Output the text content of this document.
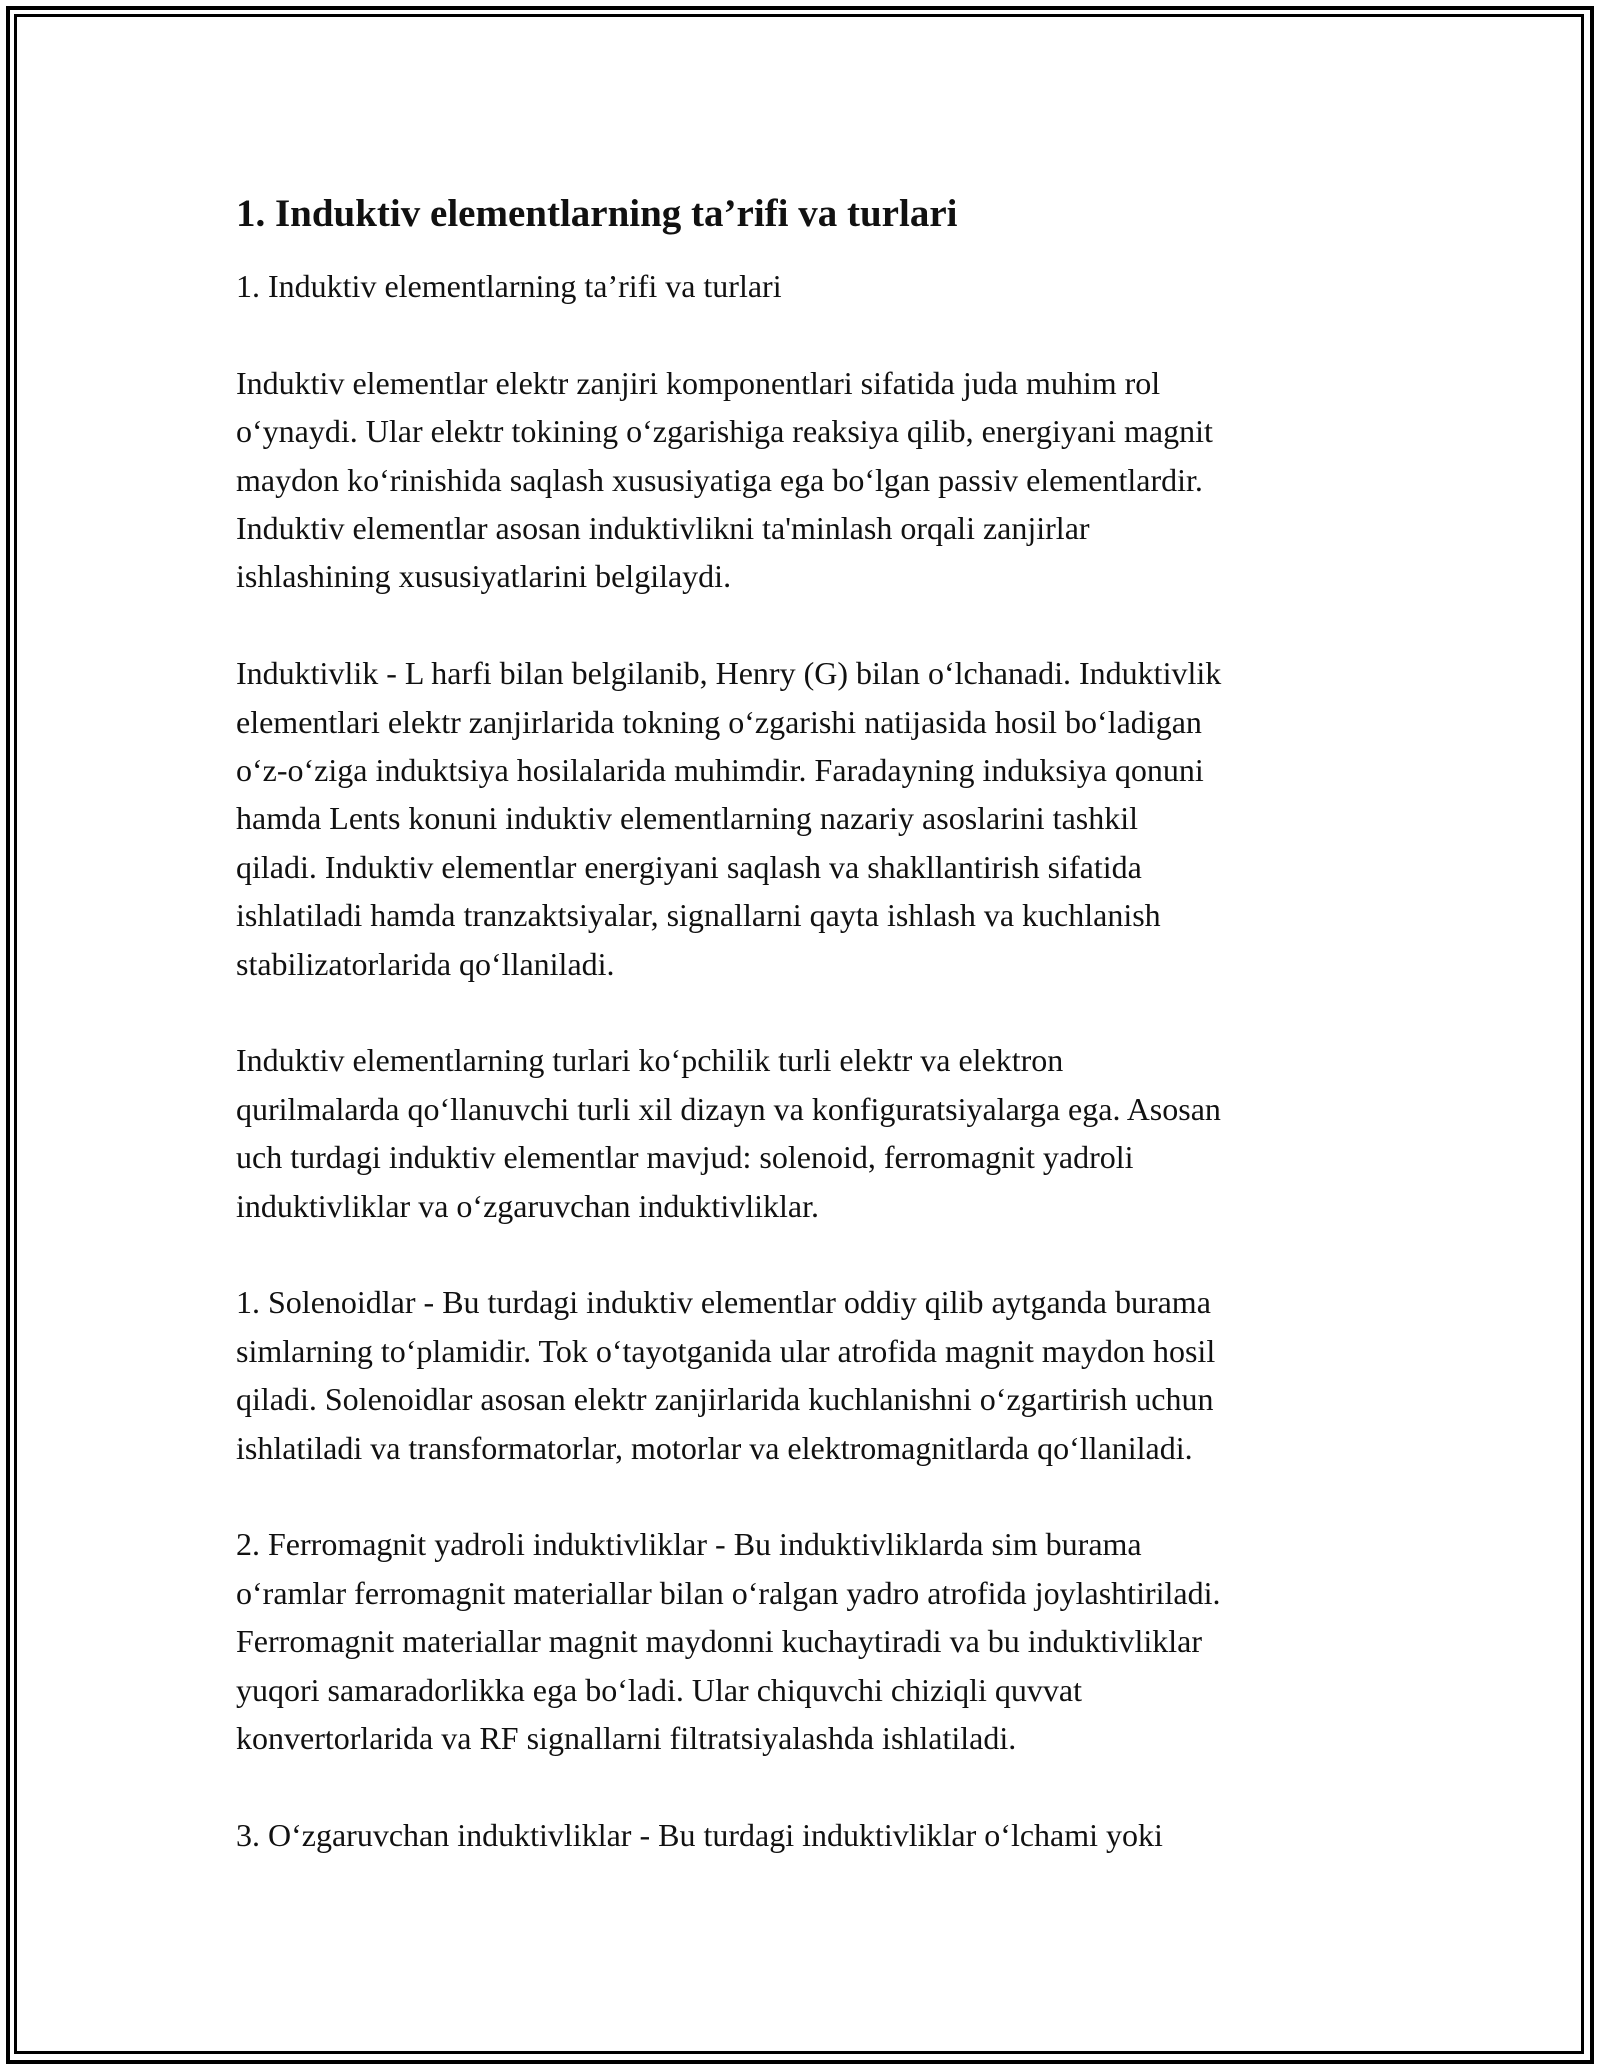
1. Induktiv elementlarning ta’rifi va turlari
1. Induktiv elementlarning ta’rifi va turlari
Induktiv elementlar elektr zanjiri komponentlari sifatida juda muhim rol
o‘ynaydi. Ular elektr tokining o‘zgarishiga reaksiya qilib, energiyani magnit
maydon ko‘rinishida saqlash xususiyatiga ega bo‘lgan passiv elementlardir.
Induktiv elementlar asosan induktivlikni ta'minlash orqali zanjirlar
ishlashining xususiyatlarini belgilaydi.
Induktivlik - L harfi bilan belgilanib, Henry (G) bilan o‘lchanadi. Induktivlik
elementlari elektr zanjirlarida tokning o‘zgarishi natijasida hosil bo‘ladigan
o‘z-o‘ziga induktsiya hosilalarida muhimdir. Faradayning induksiya qonuni
hamda Lents konuni induktiv elementlarning nazariy asoslarini tashkil
qiladi. Induktiv elementlar energiyani saqlash va shakllantirish sifatida
ishlatiladi hamda tranzaktsiyalar, signallarni qayta ishlash va kuchlanish
stabilizatorlarida qo‘llaniladi.
Induktiv elementlarning turlari ko‘pchilik turli elektr va elektron
qurilmalarda qo‘llanuvchi turli xil dizayn va konfiguratsiyalarga ega. Asosan
uch turdagi induktiv elementlar mavjud: solenoid, ferromagnit yadroli
induktivliklar va o‘zgaruvchan induktivliklar.
1. Solenoidlar - Bu turdagi induktiv elementlar oddiy qilib aytganda burama
simlarning to‘plamidir. Tok o‘tayotganida ular atrofida magnit maydon hosil
qiladi. Solenoidlar asosan elektr zanjirlarida kuchlanishni o‘zgartirish uchun
ishlatiladi va transformatorlar, motorlar va elektromagnitlarda qo‘llaniladi.
2. Ferromagnit yadroli induktivliklar - Bu induktivliklarda sim burama
o‘ramlar ferromagnit materiallar bilan o‘ralgan yadro atrofida joylashtiriladi.
Ferromagnit materiallar magnit maydonni kuchaytiradi va bu induktivliklar
yuqori samaradorlikka ega bo‘ladi. Ular chiquvchi chiziqli quvvat
konvertorlarida va RF signallarni filtratsiyalashda ishlatiladi.
3. O‘zgaruvchan induktivliklar - Bu turdagi induktivliklar o‘lchami yoki
